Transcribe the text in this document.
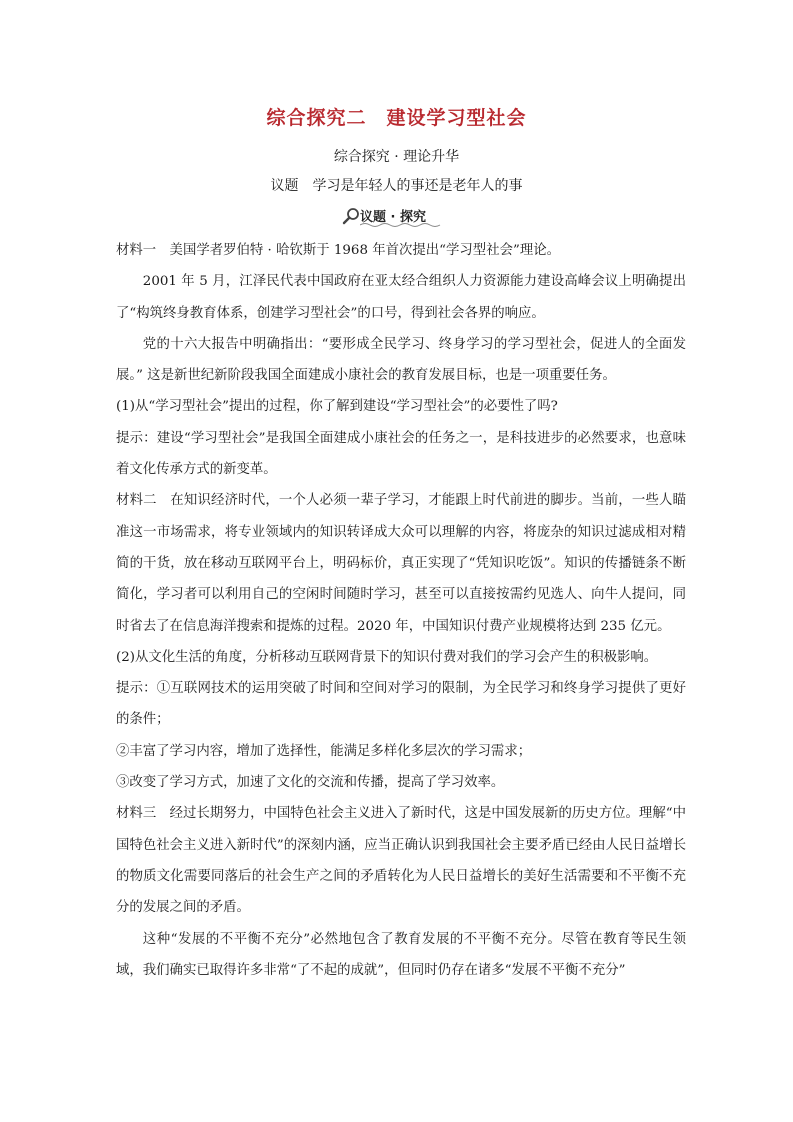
综合探究二　建设学习型社会
综合探究 · 理论升华
议题 学习是年轻人的事还是老年人的事
议题 · 探究

材料一　美国学者罗伯特 · 哈钦斯于 1968 年首次提出“学习型社会”理论。

2001 年 5 月，江泽民代表中国政府在亚太经合组织人力资源能力建设高峰会议上明确提出了“构筑终身教育体系，创建学习型社会”的口号，得到社会各界的响应。

党的十六大报告中明确指出：“要形成全民学习、终身学习的学习型社会，促进人的全面发展。” 这是新世纪新阶段我国全面建成小康社会的教育发展目标，也是一项重要任务。

(1)从“学习型社会”提出的过程，你了解到建设“学习型社会”的必要性了吗?

提示：建设“学习型社会”是我国全面建成小康社会的任务之一，是科技进步的必然要求，也意味着文化传承方式的新变革。

材料二　在知识经济时代，一个人必须一辈子学习，才能跟上时代前进的脚步。当前，一些人瞄准这一市场需求，将专业领域内的知识转译成大众可以理解的内容，将庞杂的知识过滤成相对精简的干货，放在移动互联网平台上，明码标价，真正实现了“凭知识吃饭”。知识的传播链条不断简化，学习者可以利用自己的空闲时间随时学习，甚至可以直接按需约见选人、向牛人提问，同时省去了在信息海洋搜索和提炼的过程。2020 年，中国知识付费产业规模将达到 235 亿元。

(2)从文化生活的角度，分析移动互联网背景下的知识付费对我们的学习会产生的积极影响。

提示：①互联网技术的运用突破了时间和空间对学习的限制，为全民学习和终身学习提供了更好的条件；

②丰富了学习内容，增加了选择性，能满足多样化多层次的学习需求；

③改变了学习方式，加速了文化的交流和传播，提高了学习效率。

材料三　经过长期努力，中国特色社会主义进入了新时代，这是中国发展新的历史方位。理解“中国特色社会主义进入新时代”的深刻内涵，应当正确认识到我国社会主要矛盾已经由人民日益增长的物质文化需要同落后的社会生产之间的矛盾转化为人民日益增长的美好生活需要和不平衡不充分的发展之间的矛盾。

这种“发展的不平衡不充分”必然地包含了教育发展的不平衡不充分。尽管在教育等民生领域，我们确实已取得许多非常“了不起的成就”，但同时仍存在诸多“发展不平衡不充分”
